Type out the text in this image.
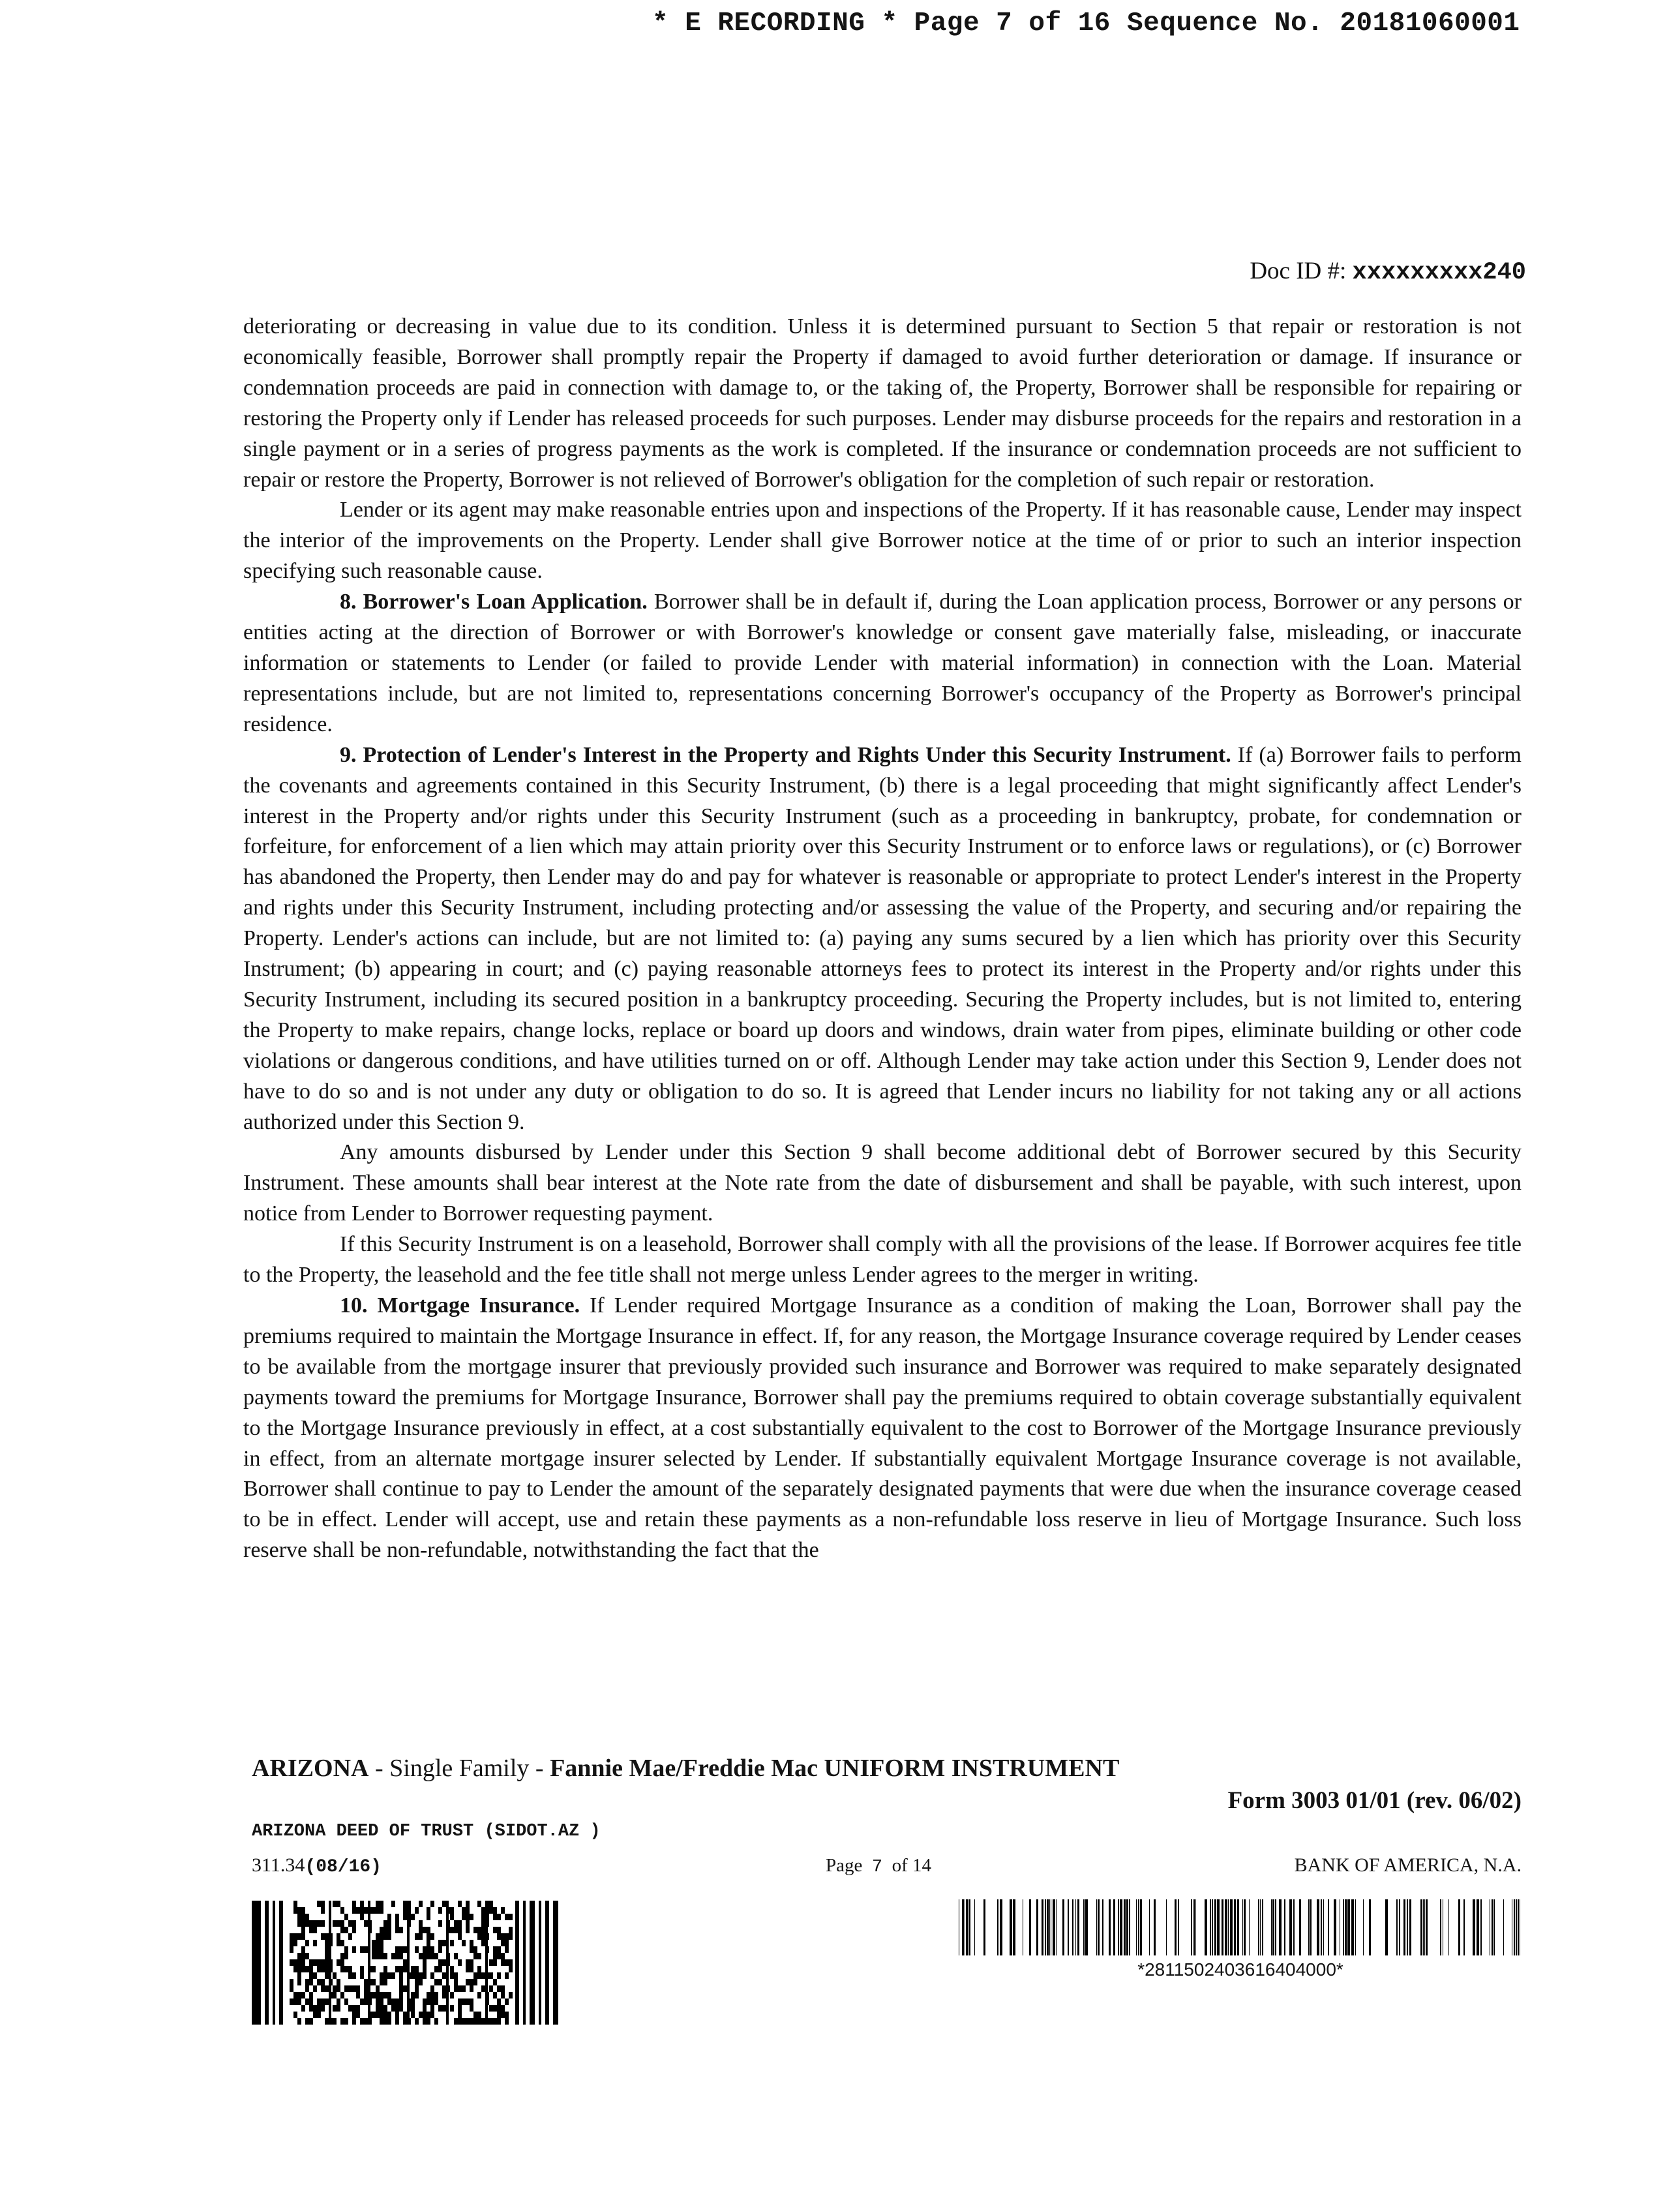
* E RECORDING * Page 7 of 16 Sequence No. 20181060001
Doc ID #: xxxxxxxxx240

deteriorating or decreasing in value due to its condition. Unless it is determined pursuant to Section 5 that repair or restoration is not economically feasible, Borrower shall promptly repair the Property if damaged to avoid further deterioration or damage. If insurance or condemnation proceeds are paid in connection with damage to, or the taking of, the Property, Borrower shall be responsible for repairing or restoring the Property only if Lender has released proceeds for such purposes. Lender may disburse proceeds for the repairs and restoration in a single payment or in a series of progress payments as the work is completed. If the insurance or condemnation proceeds are not sufficient to repair or restore the Property, Borrower is not relieved of Borrower's obligation for the completion of such repair or restoration.

Lender or its agent may make reasonable entries upon and inspections of the Property. If it has reasonable cause, Lender may inspect the interior of the improvements on the Property. Lender shall give Borrower notice at the time of or prior to such an interior inspection specifying such reasonable cause.

8. Borrower's Loan Application. Borrower shall be in default if, during the Loan application process, Borrower or any persons or entities acting at the direction of Borrower or with Borrower's knowledge or consent gave materially false, misleading, or inaccurate information or statements to Lender (or failed to provide Lender with material information) in connection with the Loan. Material representations include, but are not limited to, representations concerning Borrower's occupancy of the Property as Borrower's principal residence.

9. Protection of Lender's Interest in the Property and Rights Under this Security Instrument. If (a) Borrower fails to perform the covenants and agreements contained in this Security Instrument, (b) there is a legal proceeding that might significantly affect Lender's interest in the Property and/or rights under this Security Instrument (such as a proceeding in bankruptcy, probate, for condemnation or forfeiture, for enforcement of a lien which may attain priority over this Security Instrument or to enforce laws or regulations), or (c) Borrower has abandoned the Property, then Lender may do and pay for whatever is reasonable or appropriate to protect Lender's interest in the Property and rights under this Security Instrument, including protecting and/or assessing the value of the Property, and securing and/or repairing the Property. Lender's actions can include, but are not limited to: (a) paying any sums secured by a lien which has priority over this Security Instrument; (b) appearing in court; and (c) paying reasonable attorneys fees to protect its interest in the Property and/or rights under this Security Instrument, including its secured position in a bankruptcy proceeding. Securing the Property includes, but is not limited to, entering the Property to make repairs, change locks, replace or board up doors and windows, drain water from pipes, eliminate building or other code violations or dangerous conditions, and have utilities turned on or off. Although Lender may take action under this Section 9, Lender does not have to do so and is not under any duty or obligation to do so. It is agreed that Lender incurs no liability for not taking any or all actions authorized under this Section 9.

Any amounts disbursed by Lender under this Section 9 shall become additional debt of Borrower secured by this Security Instrument. These amounts shall bear interest at the Note rate from the date of disbursement and shall be payable, with such interest, upon notice from Lender to Borrower requesting payment.

If this Security Instrument is on a leasehold, Borrower shall comply with all the provisions of the lease. If Borrower acquires fee title to the Property, the leasehold and the fee title shall not merge unless Lender agrees to the merger in writing.

10. Mortgage Insurance. If Lender required Mortgage Insurance as a condition of making the Loan, Borrower shall pay the premiums required to maintain the Mortgage Insurance in effect. If, for any reason, the Mortgage Insurance coverage required by Lender ceases to be available from the mortgage insurer that previously provided such insurance and Borrower was required to make separately designated payments toward the premiums for Mortgage Insurance, Borrower shall pay the premiums required to obtain coverage substantially equivalent to the Mortgage Insurance previously in effect, at a cost substantially equivalent to the cost to Borrower of the Mortgage Insurance previously in effect, from an alternate mortgage insurer selected by Lender. If substantially equivalent Mortgage Insurance coverage is not available, Borrower shall continue to pay to Lender the amount of the separately designated payments that were due when the insurance coverage ceased to be in effect. Lender will accept, use and retain these payments as a non-refundable loss reserve in lieu of Mortgage Insurance. Such loss reserve shall be non-refundable, notwithstanding the fact that the

ARIZONA - Single Family - Fannie Mae/Freddie Mac UNIFORM INSTRUMENT
Form 3003 01/01 (rev. 06/02)
ARIZONA DEED OF TRUST (SIDOT.AZ )
311.34(08/16)	Page 7 of 14	BANK OF AMERICA, N.A.
*2811502403616404000*
